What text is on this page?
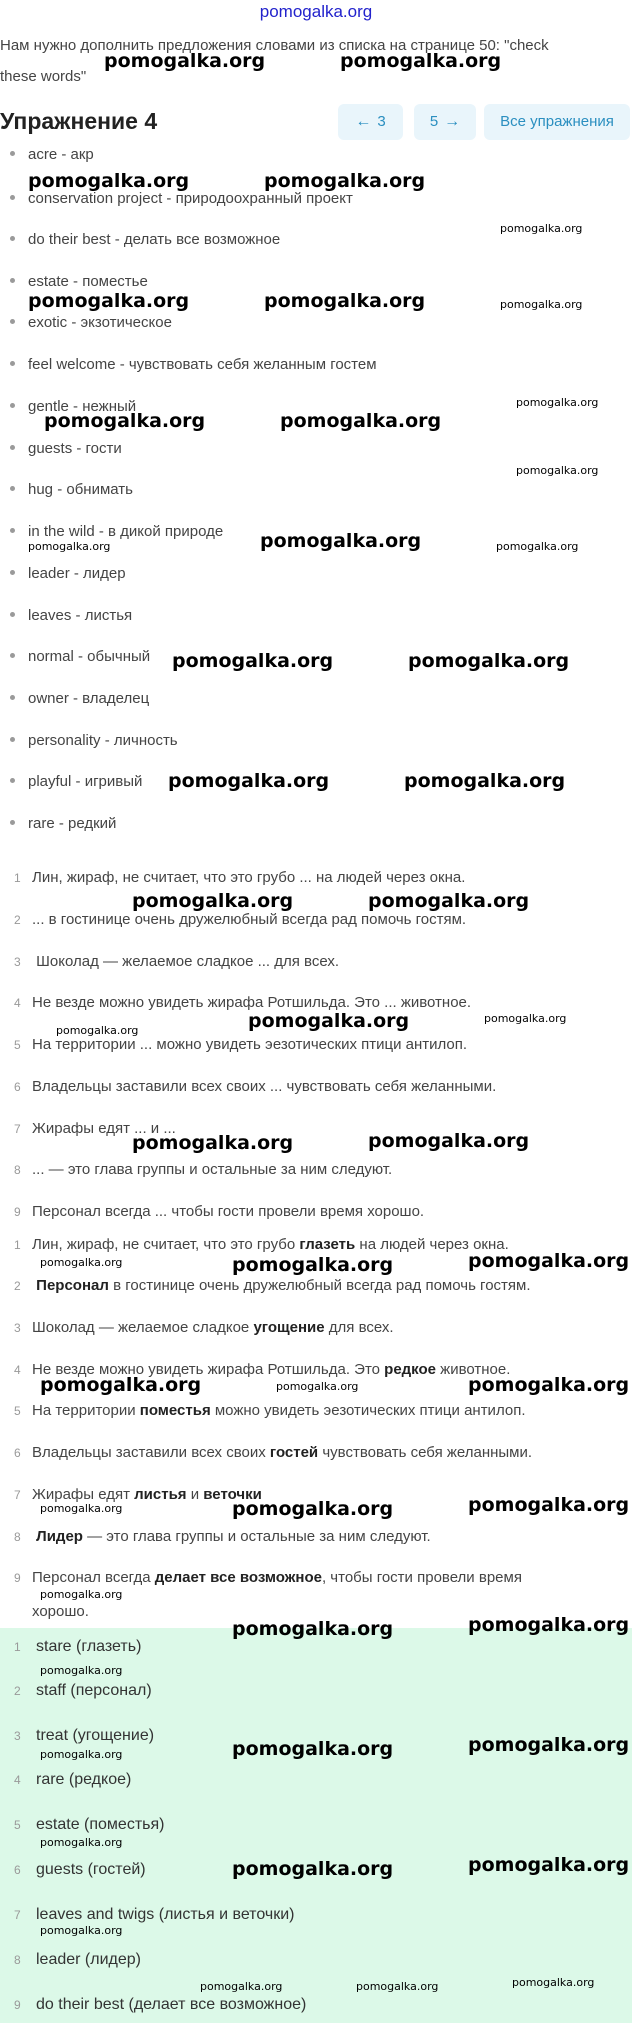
pomogalka.org
Нам нужно дополнить предложения словами из списка на странице 50: "check
these words"
Упражнение 4	← 3	5 →	Все упражнения
acre - акр
conservation project - природоохранный проект
do their best - делать все возможное
estate - поместье
exotic - экзотическое
feel welcome - чувствовать себя желанным гостем
gentle - нежный
guests - гости
hug - обнимать
in the wild - в дикой природе
leader - лидер
leaves - листья
normal - обычный
owner - владелец
personality - личность
playful - игривый
rare - редкий
1 Лин, жираф, не считает, что это грубо ... на людей через окна.
2 ... в гостинице очень дружелюбный всегда рад помочь гостям.
3 Шоколад — желаемое сладкое ... для всех.
4 Не везде можно увидеть жирафа Ротшильда. Это ... животное.
5 На территории ... можно увидеть эезотических птици антилоп.
6 Владельцы заставили всех своих ... чувствовать себя желанными.
7 Жирафы едят ... и ...
8 ... — это глава группы и остальные за ним следуют.
9 Персонал всегда ... чтобы гости провели время хорошо.
1 Лин, жираф, не считает, что это грубо глазеть на людей через окна.
2 Персонал в гостинице очень дружелюбный всегда рад помочь гостям.
3 Шоколад — желаемое сладкое угощение для всех.
4 Не везде можно увидеть жирафа Ротшильда. Это редкое животное.
5 На территории поместья можно увидеть эезотических птици антилоп.
6 Владельцы заставили всех своих гостей чувствовать себя желанными.
7 Жирафы едят листья и веточки
8 Лидер — это глава группы и остальные за ним следуют.
9 Персонал всегда делает все возможное, чтобы гости провели время
хорошо.
1 stare (глазеть)
2 staff (персонал)
3 treat (угощение)
4 rare (редкое)
5 estate (поместья)
6 guests (гостей)
7 leaves and twigs (листья и веточки)
8 leader (лидер)
9 do their best (делает все возможное)
pomogalka.org	pomogalka.org
pomogalka.org	pomogalka.org
pomogalka.org
pomogalka.org	pomogalka.org	pomogalka.org
pomogalka.org
pomogalka.org	pomogalka.org
pomogalka.org
pomogalka.org	pomogalka.org	pomogalka.org
pomogalka.org	pomogalka.org
pomogalka.org	pomogalka.org
pomogalka.org	pomogalka.org
pomogalka.org	pomogalka.org
pomogalka.org
pomogalka.org	pomogalka.org
pomogalka.org	pomogalka.org	pomogalka.org
pomogalka.org	pomogalka.org	pomogalka.org
pomogalka.org	pomogalka.org	pomogalka.org
pomogalka.org
pomogalka.org	pomogalka.org
pomogalka.org
pomogalka.org	pomogalka.org	pomogalka.org
pomogalka.org
pomogalka.org	pomogalka.org
pomogalka.org
pomogalka.org	pomogalka.org	pomogalka.org
